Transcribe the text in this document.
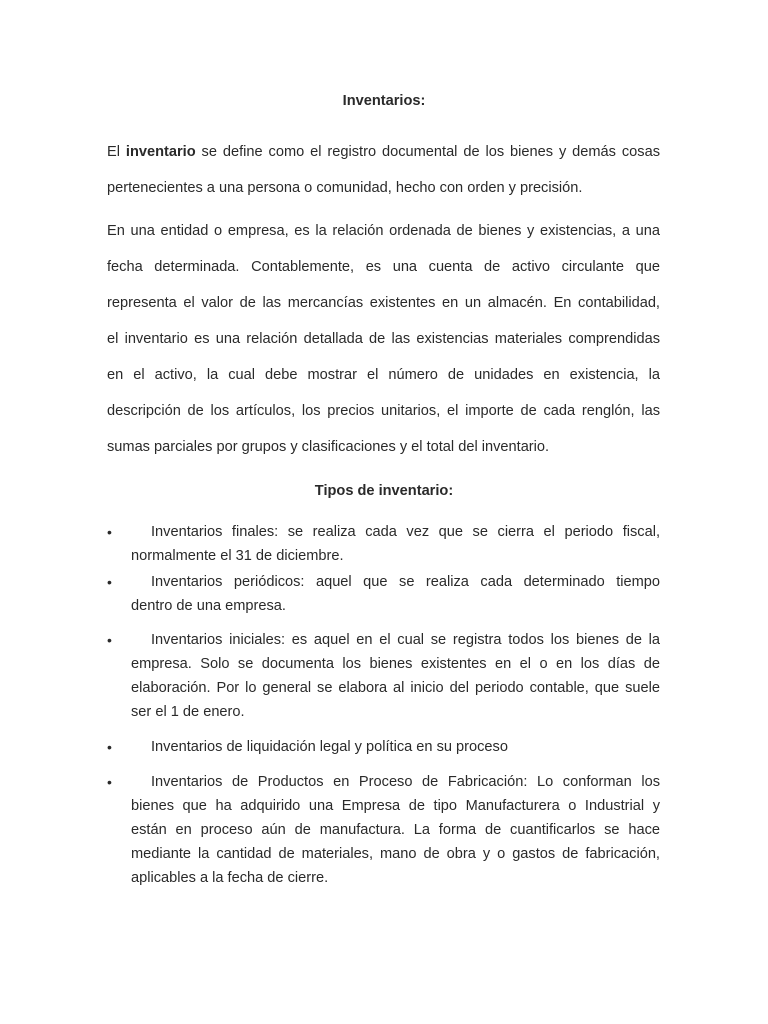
Inventarios:
El inventario se define como el registro documental de los bienes y demás cosas
pertenecientes a una persona o comunidad, hecho con orden y precisión.
En una entidad o empresa, es la relación ordenada de bienes y existencias, a una
fecha determinada. Contablemente, es una cuenta de activo circulante que
representa el valor de las mercancías existentes en un almacén. En contabilidad,
el inventario es una relación detallada de las existencias materiales comprendidas
en el activo, la cual debe mostrar el número de unidades en existencia, la
descripción de los artículos, los precios unitarios, el importe de cada renglón, las
sumas parciales por grupos y clasificaciones y el total del inventario.
Tipos de inventario:
•	Inventarios finales: se realiza cada vez que se cierra el periodo fiscal,
normalmente el 31 de diciembre.
•	Inventarios periódicos: aquel que se realiza cada determinado tiempo
dentro de una empresa.
•	Inventarios iniciales: es aquel en el cual se registra todos los bienes de la
empresa. Solo se documenta los bienes existentes en el o en los días de
elaboración. Por lo general se elabora al inicio del periodo contable, que suele
ser el 1 de enero.
•	Inventarios de liquidación legal y política en su proceso
•	Inventarios de Productos en Proceso de Fabricación: Lo conforman los
bienes que ha adquirido una Empresa de tipo Manufacturera o Industrial y
están en proceso aún de manufactura. La forma de cuantificarlos se hace
mediante la cantidad de materiales, mano de obra y o gastos de fabricación,
aplicables a la fecha de cierre.
